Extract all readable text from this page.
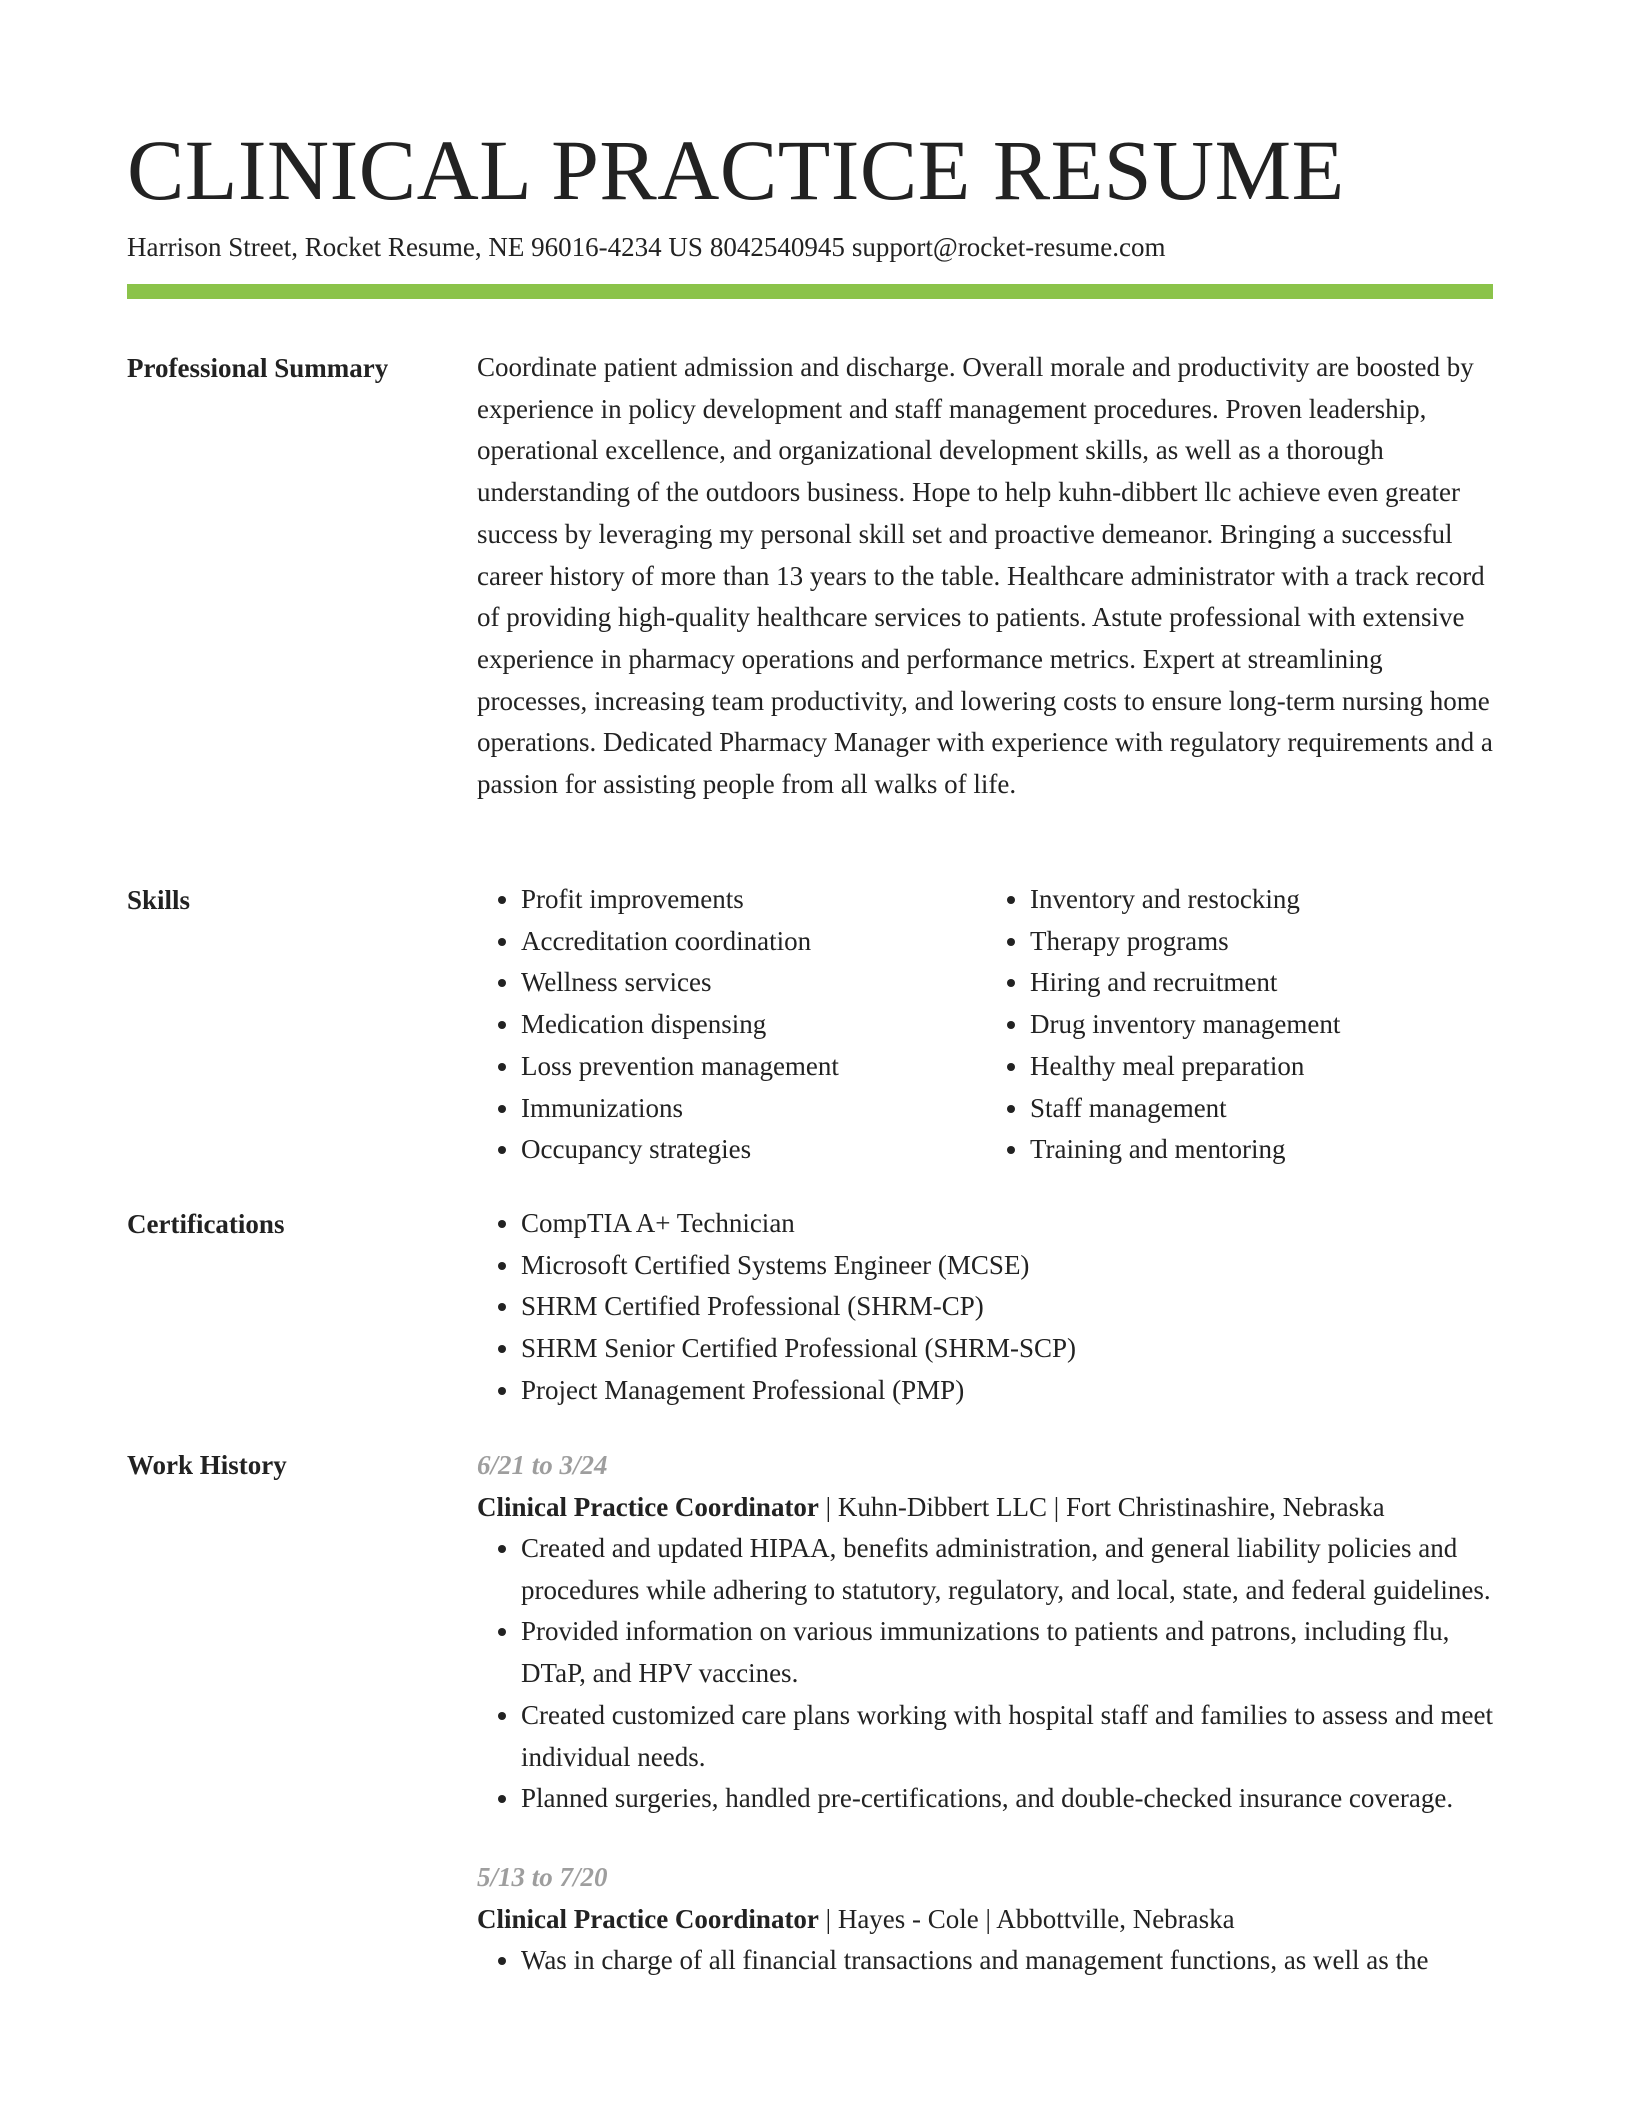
CLINICAL PRACTICE RESUME
Harrison Street, Rocket Resume, NE 96016-4234 US 8042540945 support@rocket-resume.com
Professional Summary	Coordinate patient admission and discharge. Overall morale and productivity are boosted by experience in policy development and staff management procedures. Proven leadership, operational excellence, and organizational development skills, as well as a thorough understanding of the outdoors business. Hope to help kuhn-dibbert llc achieve even greater success by leveraging my personal skill set and proactive demeanor. Bringing a successful career history of more than 13 years to the table. Healthcare administrator with a track record of providing high-quality healthcare services to patients. Astute professional with extensive experience in pharmacy operations and performance metrics. Expert at streamlining processes, increasing team productivity, and lowering costs to ensure long-term nursing home operations. Dedicated Pharmacy Manager with experience with regulatory requirements and a passion for assisting people from all walks of life.

Skills	• Profit improvements
• Accreditation coordination
• Wellness services
• Medication dispensing
• Loss prevention management
• Immunizations
• Occupancy strategies
• Inventory and restocking
• Therapy programs
• Hiring and recruitment
• Drug inventory management
• Healthy meal preparation
• Staff management
• Training and mentoring
Certifications	• CompTIA A+ Technician
• Microsoft Certified Systems Engineer (MCSE)
• SHRM Certified Professional (SHRM-CP)
• SHRM Senior Certified Professional (SHRM-SCP)
• Project Management Professional (PMP)
Work History	6/21 to 3/24
Clinical Practice Coordinator | Kuhn-Dibbert LLC | Fort Christinashire, Nebraska
• Created and updated HIPAA, benefits administration, and general liability policies and procedures while adhering to statutory, regulatory, and local, state, and federal guidelines.
• Provided information on various immunizations to patients and patrons, including flu, DTaP, and HPV vaccines.
• Created customized care plans working with hospital staff and families to assess and meet individual needs.
• Planned surgeries, handled pre-certifications, and double-checked insurance coverage.
5/13 to 7/20
Clinical Practice Coordinator | Hayes - Cole | Abbottville, Nebraska
• Was in charge of all financial transactions and management functions, as well as the
